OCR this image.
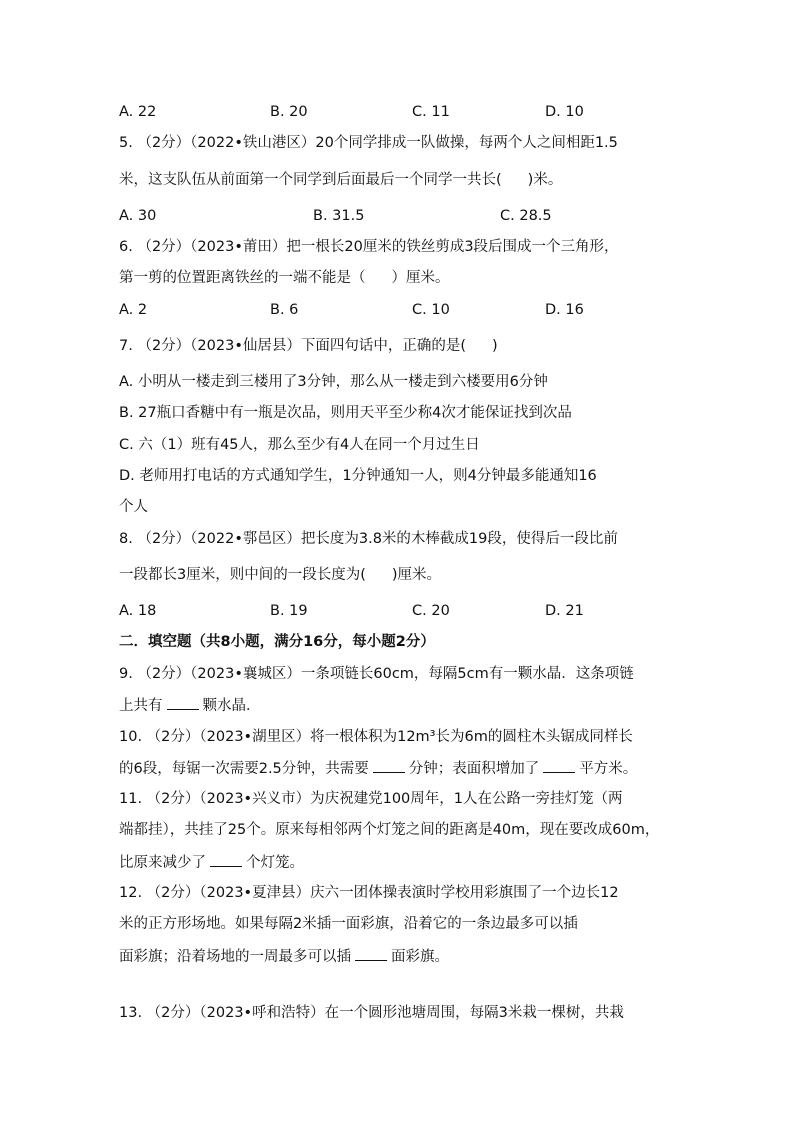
A. 22	B. 20	C. 11	D. 10
5. （2分）（2022•铁山港区）20个同学排成一队做操，每两个人之间相距1.5
米，这支队伍从前面第一个同学到后面最后一个同学一共长( )米。
A. 30	B. 31.5	C. 28.5
6. （2分）（2023•莆田）把一根长20厘米的铁丝剪成3段后围成一个三角形，
第一剪的位置距离铁丝的一端不能是（ ）厘米。
A. 2	B. 6	C. 10	D. 16
7. （2分）（2023•仙居县）下面四句话中，正确的是( )
A. 小明从一楼走到三楼用了3分钟，那么从一楼走到六楼要用6分钟
B. 27瓶口香糖中有一瓶是次品，则用天平至少称4次才能保证找到次品
C. 六（1）班有45人，那么至少有4人在同一个月过生日
D. 老师用打电话的方式通知学生，1分钟通知一人，则4分钟最多能通知16
个人
8. （2分）（2022•鄠邑区）把长度为3.8米的木棒截成19段，使得后一段比前
一段都长3厘米，则中间的一段长度为( )厘米。
A. 18	B. 19	C. 20	D. 21
二．填空题（共8小题，满分16分，每小题2分）
9. （2分）（2023•襄城区）一条项链长60cm，每隔5cm有一颗水晶．这条项链
上共有	颗水晶．
10. （2分）（2023•湖里区）将一根体积为12m³长为6m的圆柱木头锯成同样长
的6段，每锯一次需要2.5分钟，共需要	分钟；表面积增加了	平方米。
11. （2分）（2023•兴义市）为庆祝建党100周年，1人在公路一旁挂灯笼（两
端都挂），共挂了25个。原来每相邻两个灯笼之间的距离是40m，现在要改成60m，
比原来减少了	个灯笼。
12. （2分）（2023•夏津县）庆六一团体操表演时学校用彩旗围了一个边长12
米的正方形场地。如果每隔2米插一面彩旗，沿着它的一条边最多可以插
面彩旗；沿着场地的一周最多可以插	面彩旗。
13. （2分）（2023•呼和浩特）在一个圆形池塘周围，每隔3米栽一棵树，共栽
